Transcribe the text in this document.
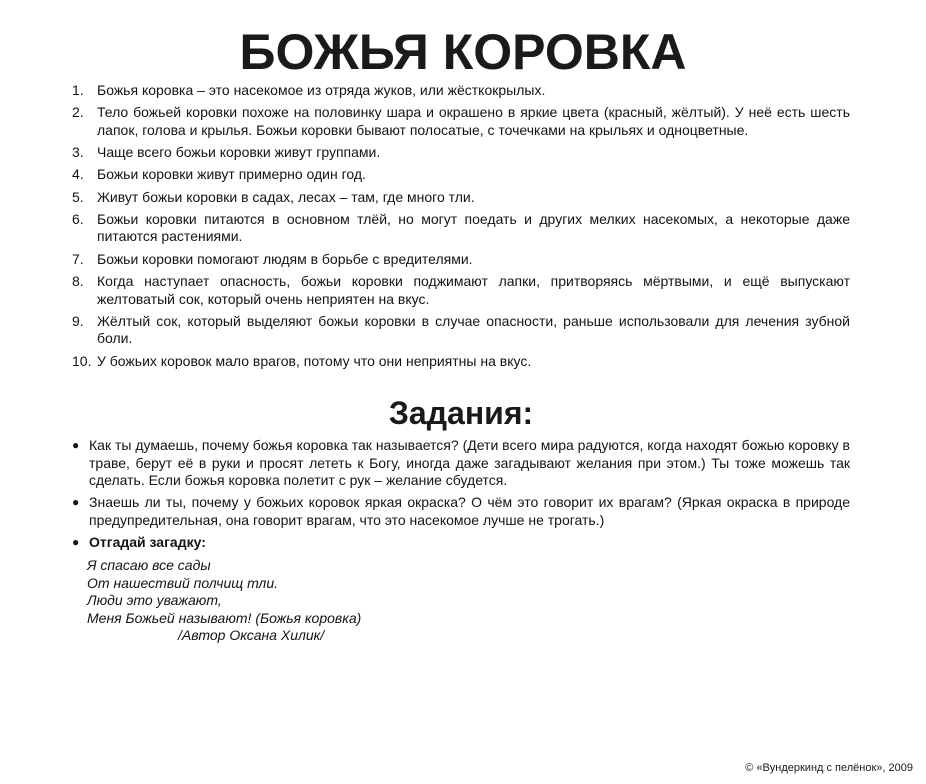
БОЖЬЯ КОРОВКА
1. Божья коровка – это насекомое из отряда жуков, или жёсткокрылых.
2. Тело божьей коровки похоже на половинку шара и окрашено в яркие цвета (красный, жёлтый). У неё есть шесть лапок, голова и крылья. Божьи коровки бывают полосатые, с точечками на крыльях и одноцветные.
3. Чаще всего божьи коровки живут группами.
4. Божьи коровки живут примерно один год.
5. Живут божьи коровки в садах, лесах – там, где много тли.
6. Божьи коровки питаются в основном тлёй, но могут поедать и других мелких насекомых, а некоторые даже питаются растениями.
7. Божьи коровки помогают людям в борьбе с вредителями.
8. Когда наступает опасность, божьи коровки поджимают лапки, притворяясь мёртвыми, и ещё выпускают желтоватый сок, который очень неприятен на вкус.
9. Жёлтый сок, который выделяют божьи коровки в случае опасности, раньше использовали для лечения зубной боли.
10. У божьих коровок мало врагов, потому что они неприятны на вкус.
Задания:
● Как ты думаешь, почему божья коровка так называется? (Дети всего мира радуются, когда находят божью коровку в траве, берут её в руки и просят лететь к Богу, иногда даже загадывают желания при этом.) Ты тоже можешь так сделать. Если божья коровка полетит с рук – желание сбудется.
● Знаешь ли ты, почему у божьих коровок яркая окраска? О чём это говорит их врагам? (Яркая окраска в природе предупредительная, она говорит врагам, что это насекомое лучше не трогать.)
● Отгадай загадку:
Я спасаю все сады
От нашествий полчищ тли.
Люди это уважают,
Меня Божьей называют! (Божья коровка)
/Автор Оксана Хилик/
© «Вундеркинд с пелёнок», 2009
